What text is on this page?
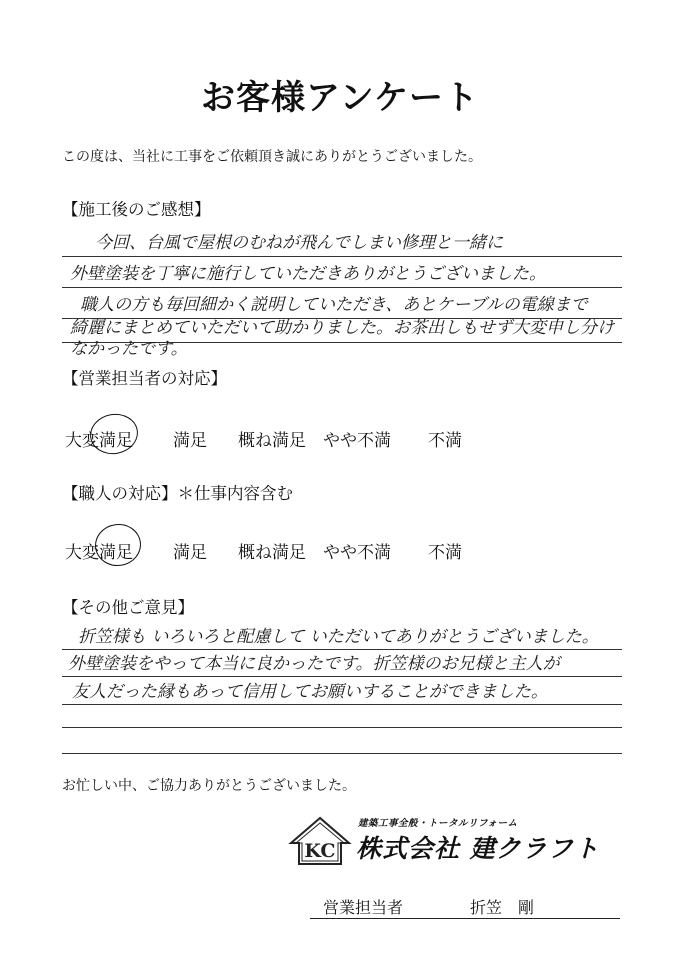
お客様アンケート
この度は、当社に工事をご依頼頂き誠にありがとうございました。
【施工後のご感想】
今回、台風で屋根のむねが飛んでしまい修理と一緒に
外壁塗装を丁寧に施行していただきありがとうございました。
職人の方も毎回細かく説明していただき、あとケーブルの電線まで
綺麗にまとめていただいて助かりました。お茶出しもせず大変申し分け
なかったです。
【営業担当者の対応】
大変満足 満足 概ね満足 やや不満 不満
【職人の対応】＊仕事内容含む
大変満足 満足 概ね満足 やや不満 不満
【その他ご意見】
折笠様も いろいろと配慮して いただいてありがとうございました。
外壁塗装をやって本当に良かったです。折笠様のお兄様と主人が
友人だった縁もあって信用してお願いすることができました。
お忙しい中、ご協力ありがとうございました。
KC
建築工事全般・トータルリフォーム
株式会社 建クラフト
営業担当者	折笠　剛
